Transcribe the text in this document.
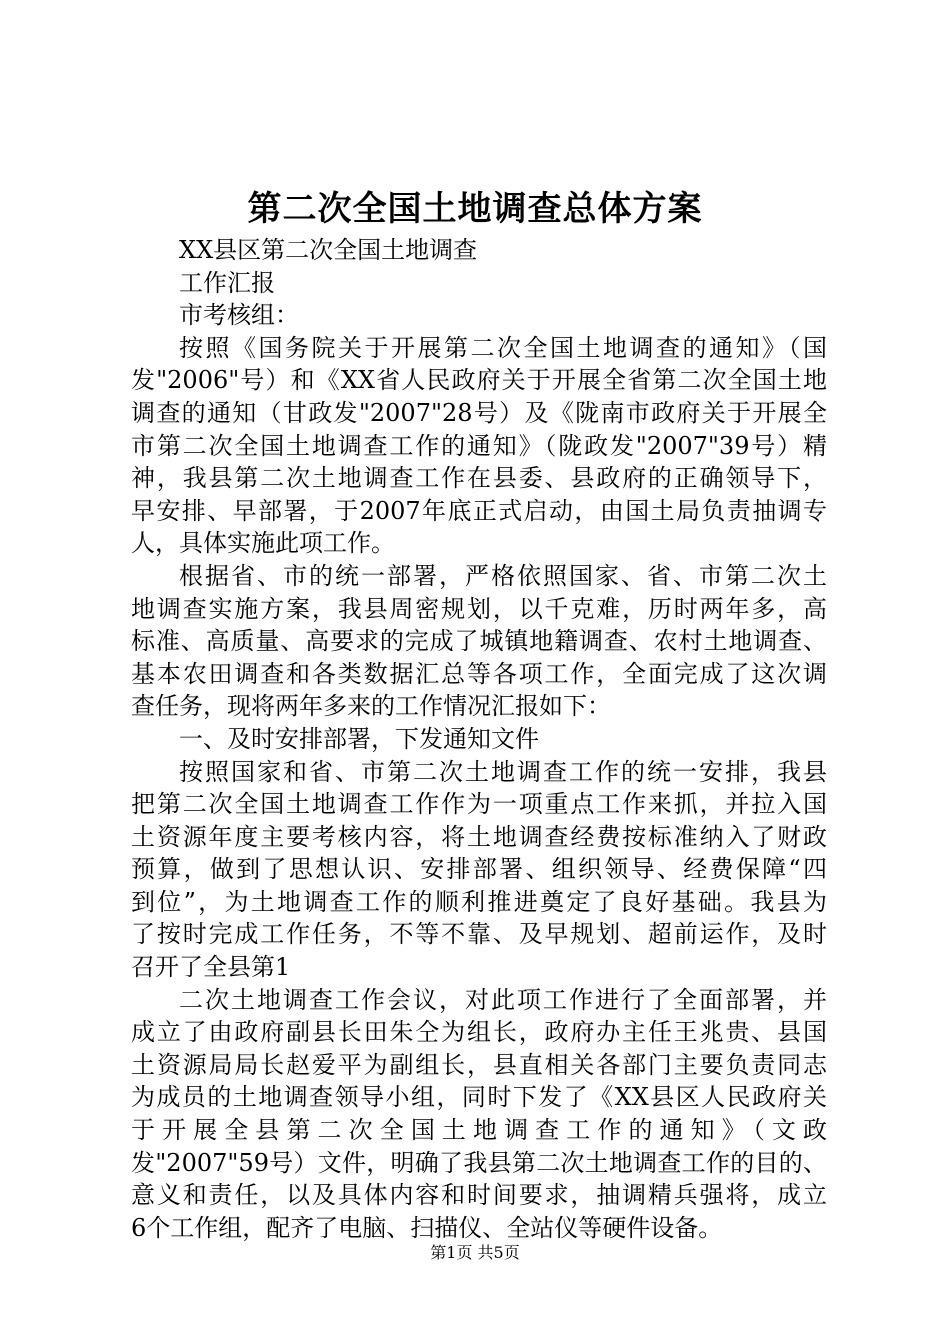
第二次全国土地调查总体方案
XX县区第二次全国土地调查
工作汇报
市考核组：
按照《国务院关于开展第二次全国土地调查的通知》（国
发"2006"号）和《XX省人民政府关于开展全省第二次全国土地
调查的通知（甘政发"2007"28号）及《陇南市政府关于开展全
市第二次全国土地调查工作的通知》（陇政发"2007"39号）精
神，我县第二次土地调查工作在县委、县政府的正确领导下，
早安排、早部署，于2007年底正式启动，由国土局负责抽调专
人，具体实施此项工作。
根据省、市的统一部署，严格依照国家、省、市第二次土
地调查实施方案，我县周密规划，以千克难，历时两年多，高
标准、高质量、高要求的完成了城镇地籍调查、农村土地调查、
基本农田调查和各类数据汇总等各项工作，全面完成了这次调
查任务，现将两年多来的工作情况汇报如下：
一、及时安排部署，下发通知文件
按照国家和省、市第二次土地调查工作的统一安排，我县
把第二次全国土地调查工作作为一项重点工作来抓，并拉入国
土资源年度主要考核内容，将土地调查经费按标准纳入了财政
预算，做到了思想认识、安排部署、组织领导、经费保障“四
到位”，为土地调查工作的顺利推进奠定了良好基础。我县为
了按时完成工作任务，不等不靠、及早规划、超前运作，及时
召开了全县第1
二次土地调查工作会议，对此项工作进行了全面部署，并
成立了由政府副县长田朱仝为组长，政府办主任王兆贵、县国
土资源局局长赵爱平为副组长，县直相关各部门主要负责同志
为成员的土地调查领导小组，同时下发了《XX县区人民政府关
于开展全县第二次全国土地调查工作的通知》（文政
发"2007"59号）文件，明确了我县第二次土地调查工作的目的、
意义和责任，以及具体内容和时间要求，抽调精兵强将，成立
6个工作组，配齐了电脑、扫描仪、全站仪等硬件设备。
第1页 共5页
